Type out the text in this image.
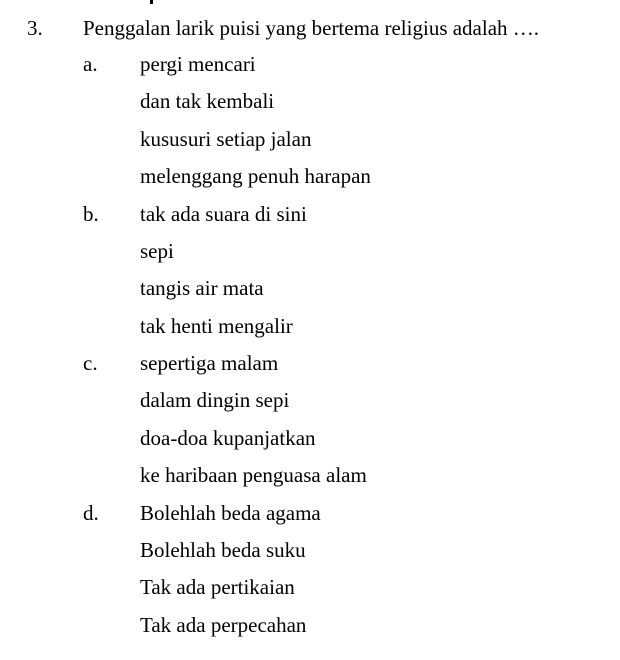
3. Penggalan larik puisi yang bertema religius adalah ….
a. pergi mencari
dan tak kembali
kususuri setiap jalan
melenggang penuh harapan
b. tak ada suara di sini
sepi
tangis air mata
tak henti mengalir
c. sepertiga malam
dalam dingin sepi
doa-doa kupanjatkan
ke haribaan penguasa alam
d. Bolehlah beda agama
Bolehlah beda suku
Tak ada pertikaian
Tak ada perpecahan
